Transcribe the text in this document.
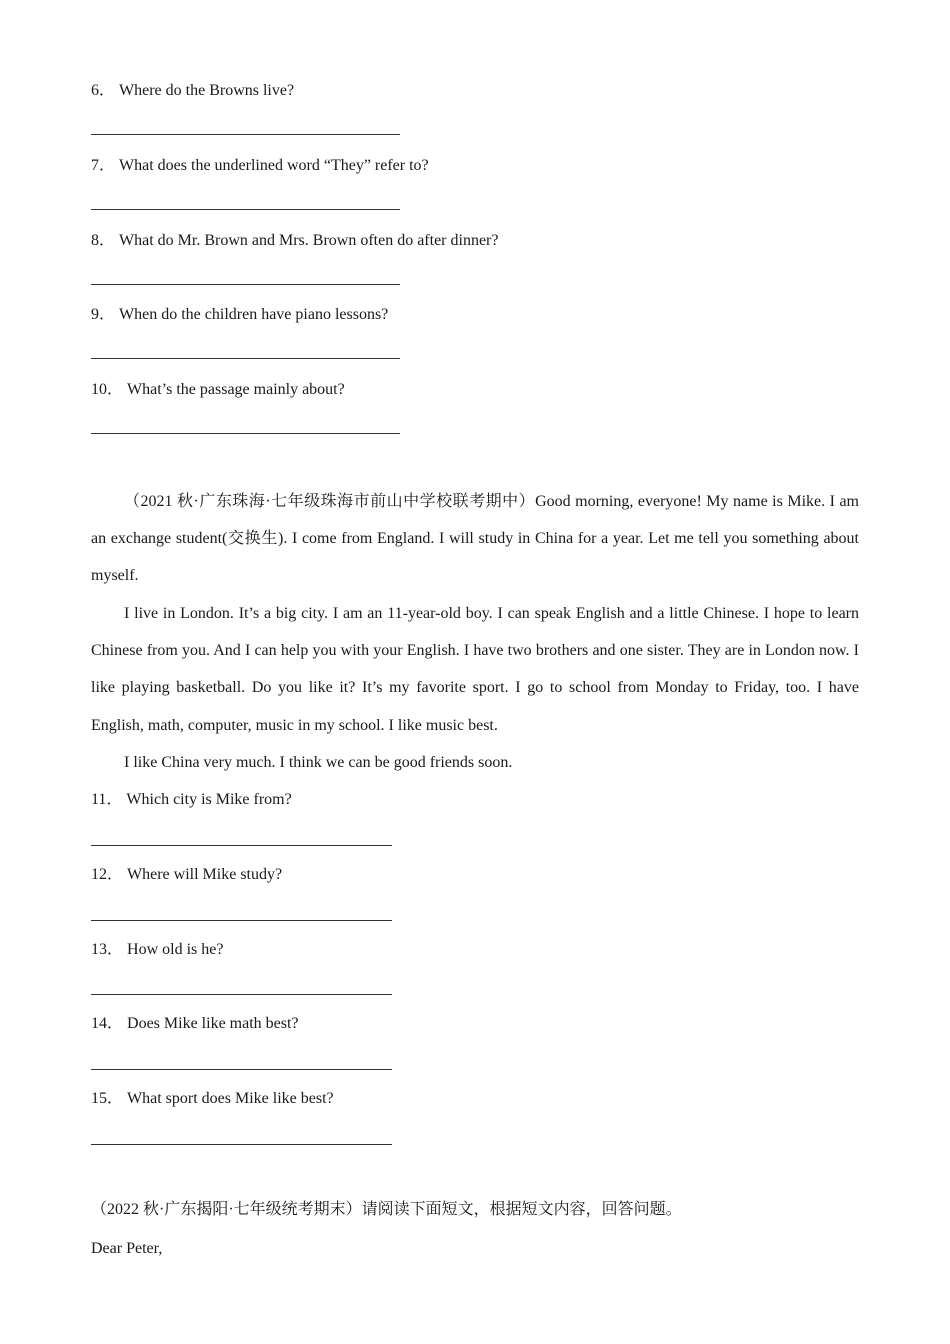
6． Where do the Browns live?

7． What does the underlined word “They” refer to?

8． What do Mr. Brown and Mrs. Brown often do after dinner?

9． When do the children have piano lessons?

10． What’s the passage mainly about?

（2021 秋·广东珠海·七年级珠海市前山中学校联考期中）Good morning, everyone! My name is Mike. I am an exchange student(交换生). I come from England. I will study in China for a year. Let me tell you something about myself.

I live in London. It’s a big city. I am an 11-year-old boy. I can speak English and a little Chinese. I hope to learn Chinese from you. And I can help you with your English. I have two brothers and one sister. They are in London now. I like playing basketball. Do you like it? It’s my favorite sport. I go to school from Monday to Friday, too. I have English, math, computer, music in my school. I like music best.

I like China very much. I think we can be good friends soon.

11． Which city is Mike from?

12． Where will Mike study?

13． How old is he?

14． Does Mike like math best?

15． What sport does Mike like best?

（2022 秋·广东揭阳·七年级统考期末）请阅读下面短文，根据短文内容，回答问题。

Dear Peter,
